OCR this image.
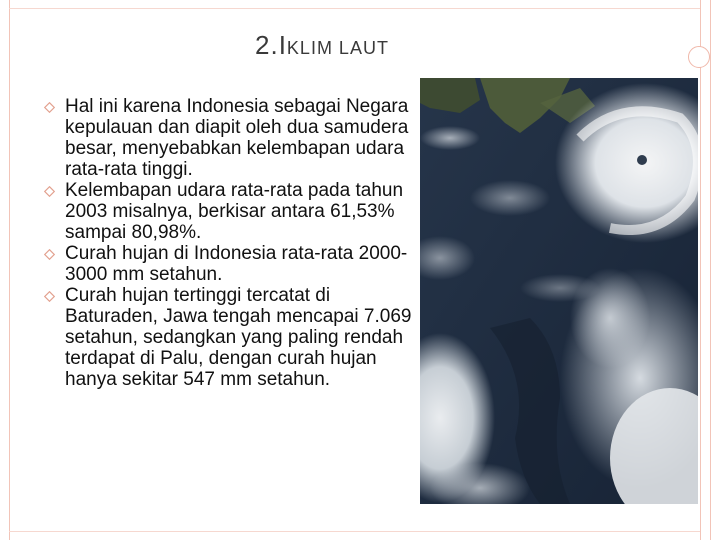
2.IKLIM LAUT
Hal ini karena Indonesia sebagai Negara kepulauan dan diapit oleh dua samudera besar, menyebabkan kelembapan udara rata-rata tinggi.
Kelembapan udara rata-rata pada tahun 2003 misalnya, berkisar antara 61,53% sampai 80,98%.
Curah hujan di Indonesia rata-rata 2000-3000 mm setahun.
Curah hujan tertinggi tercatat di Baturaden, Jawa tengah mencapai 7.069 setahun, sedangkan yang paling rendah terdapat di Palu, dengan curah hujan hanya sekitar 547 mm setahun.
